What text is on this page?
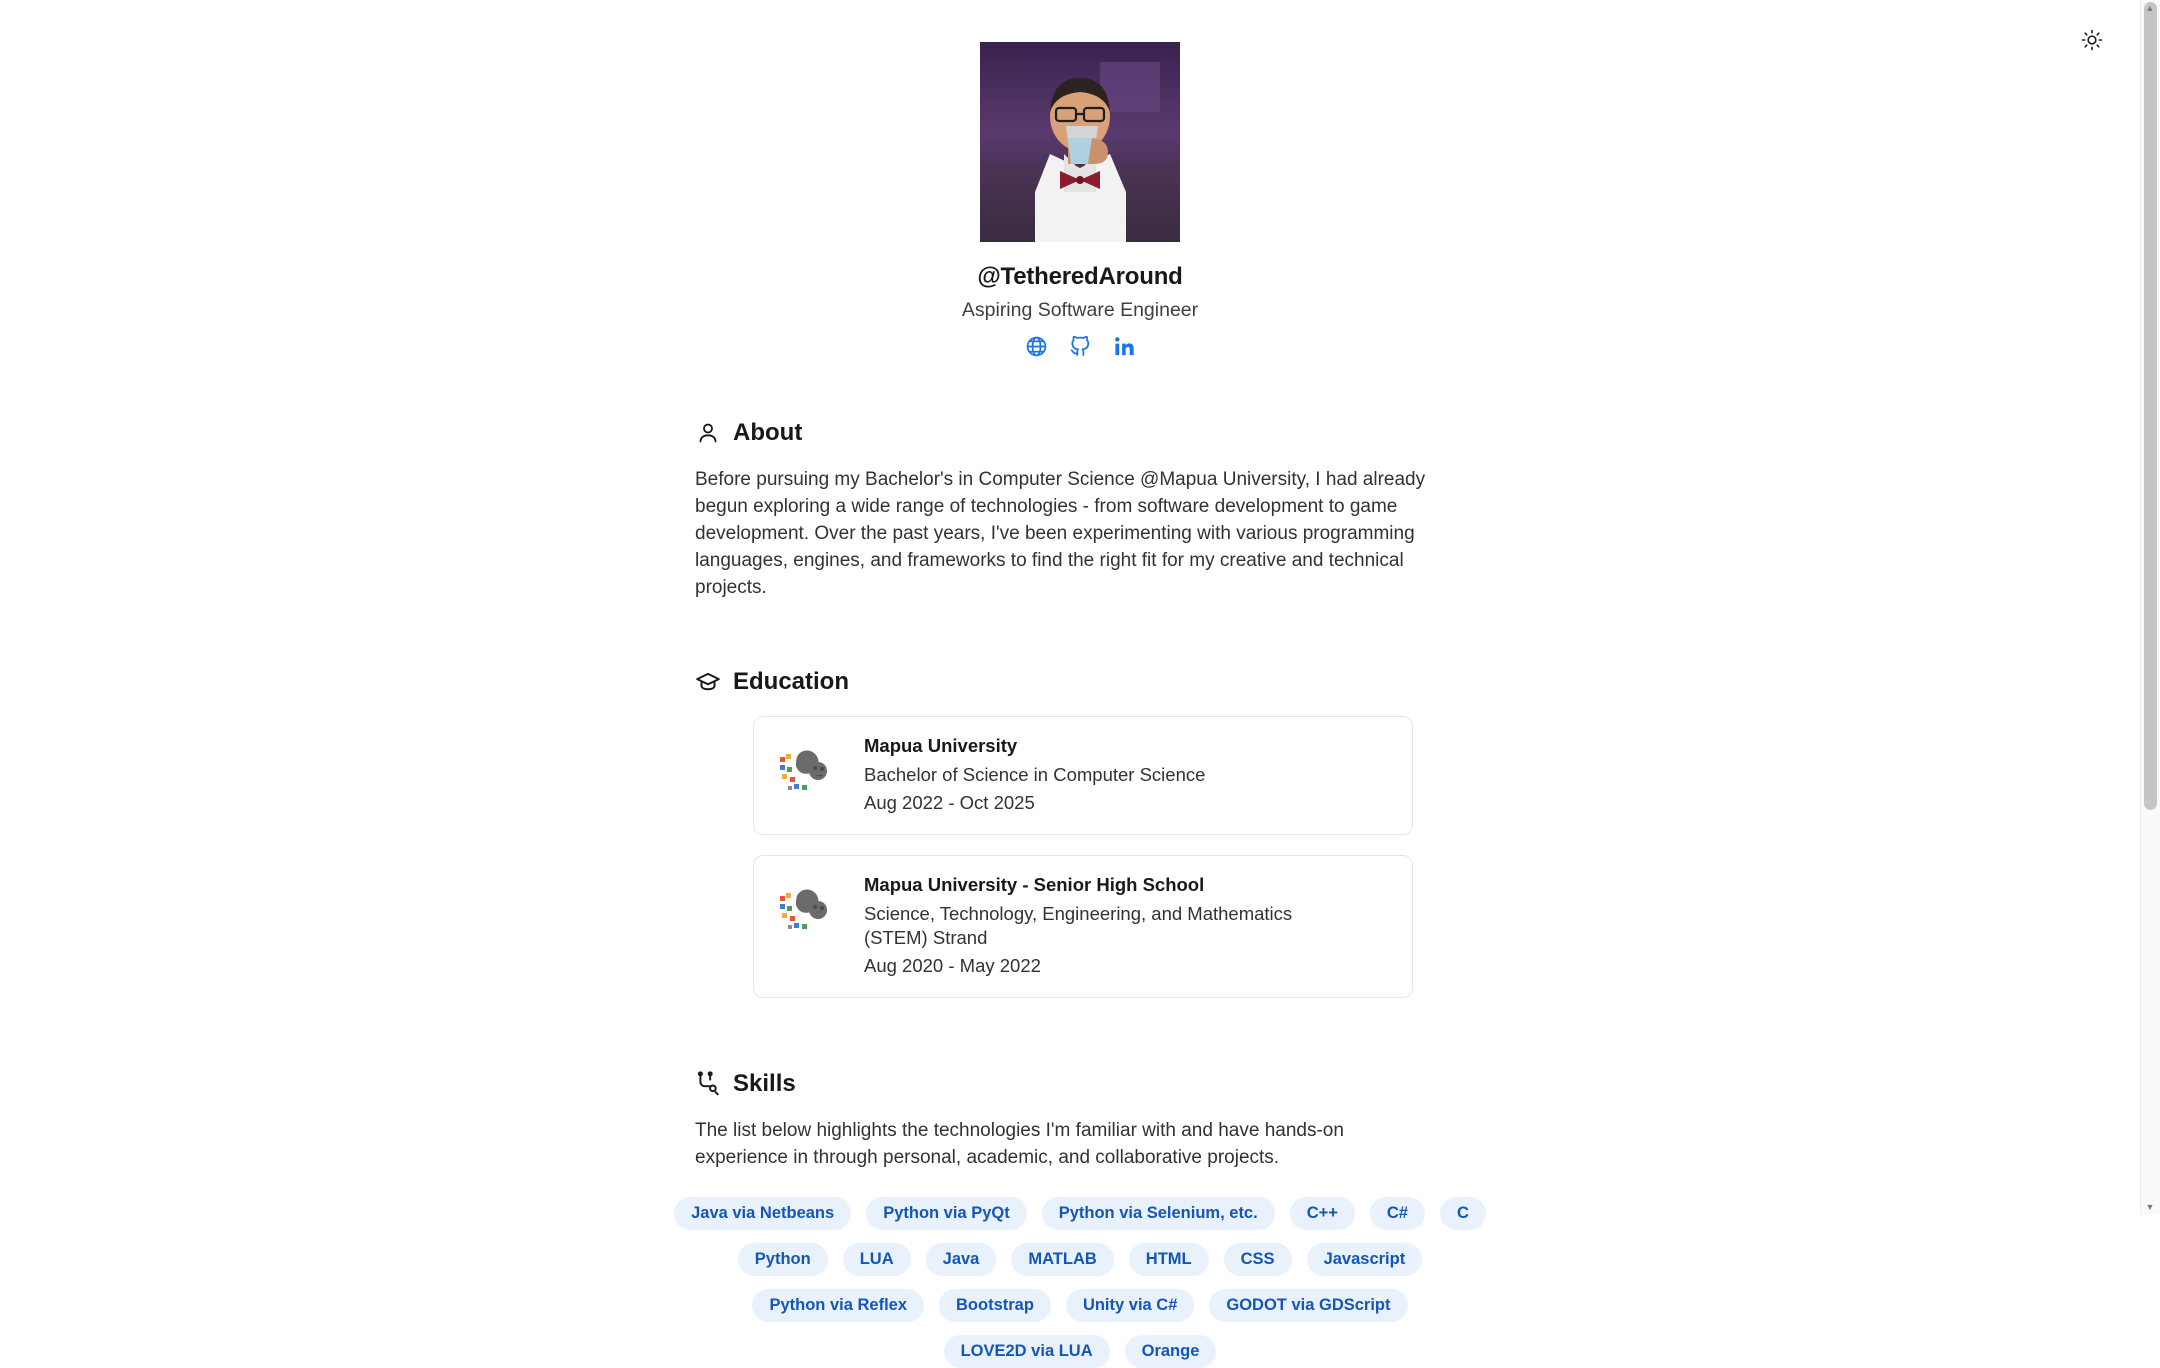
@TetheredAround
Aspiring Software Engineer
About

Before pursuing my Bachelor's in Computer Science @Mapua University, I had already begun exploring a wide range of technologies - from software development to game development. Over the past years, I've been experimenting with various programming languages, engines, and frameworks to find the right fit for my creative and technical projects.

Education
Mapua University
Bachelor of Science in Computer Science
Aug 2022 - Oct 2025
Mapua University - Senior High School
Science, Technology, Engineering, and Mathematics (STEM) Strand
Aug 2020 - May 2022
Skills

The list below highlights the technologies I'm familiar with and have hands-on experience in through personal, academic, and collaborative projects.

Java via Netbeans	Python via PyQt	Python via Selenium, etc.	C++	C#	C
Python	LUA	Java	MATLAB	HTML	CSS	Javascript
Python via Reflex	Bootstrap	Unity via C#	GODOT via GDScript
LOVE2D via LUA	Orange
▲
▼
